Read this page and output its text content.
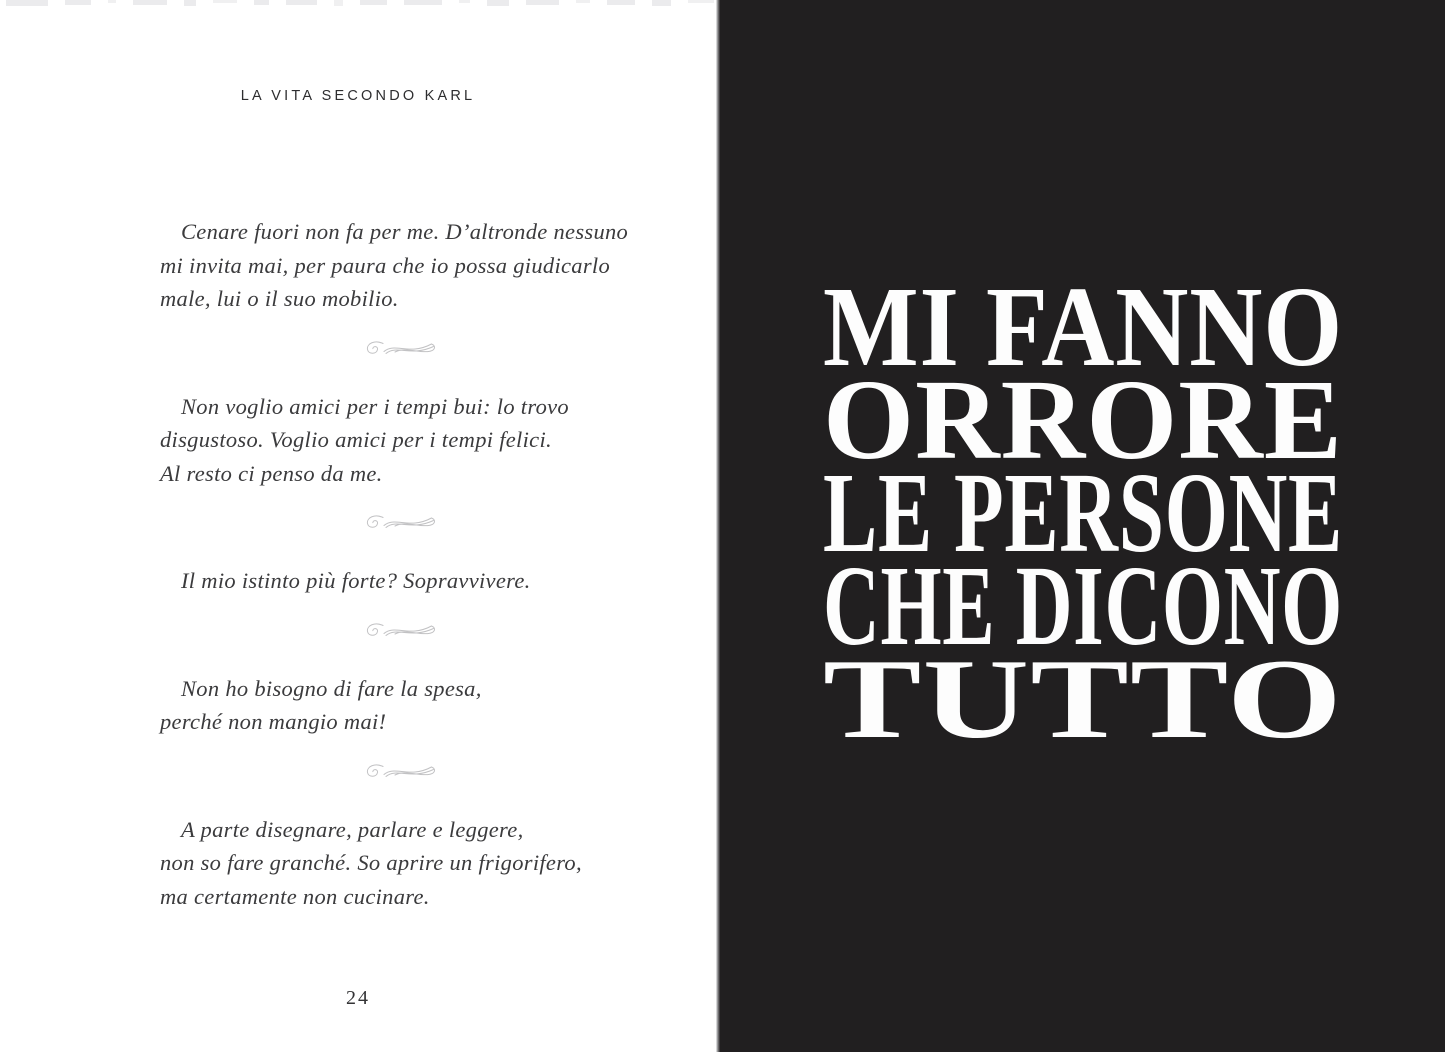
LA VITA SECONDO KARL
Cenare fuori non fa per me. D’altronde nessuno
mi invita mai, per paura che io possa giudicarlo
male, lui o il suo mobilio.
Non voglio amici per i tempi bui: lo trovo
disgustoso. Voglio amici per i tempi felici.
Al resto ci penso da me.
Il mio istinto più forte? Sopravvivere.
Non ho bisogno di fare la spesa,
perché non mangio mai!
A parte disegnare, parlare e leggere,
non so fare granché. So aprire un frigorifero,
ma certamente non cucinare.
24
MI FANNO
ORRORE
LE PERSONE
CHE DICONO
TUTTO
